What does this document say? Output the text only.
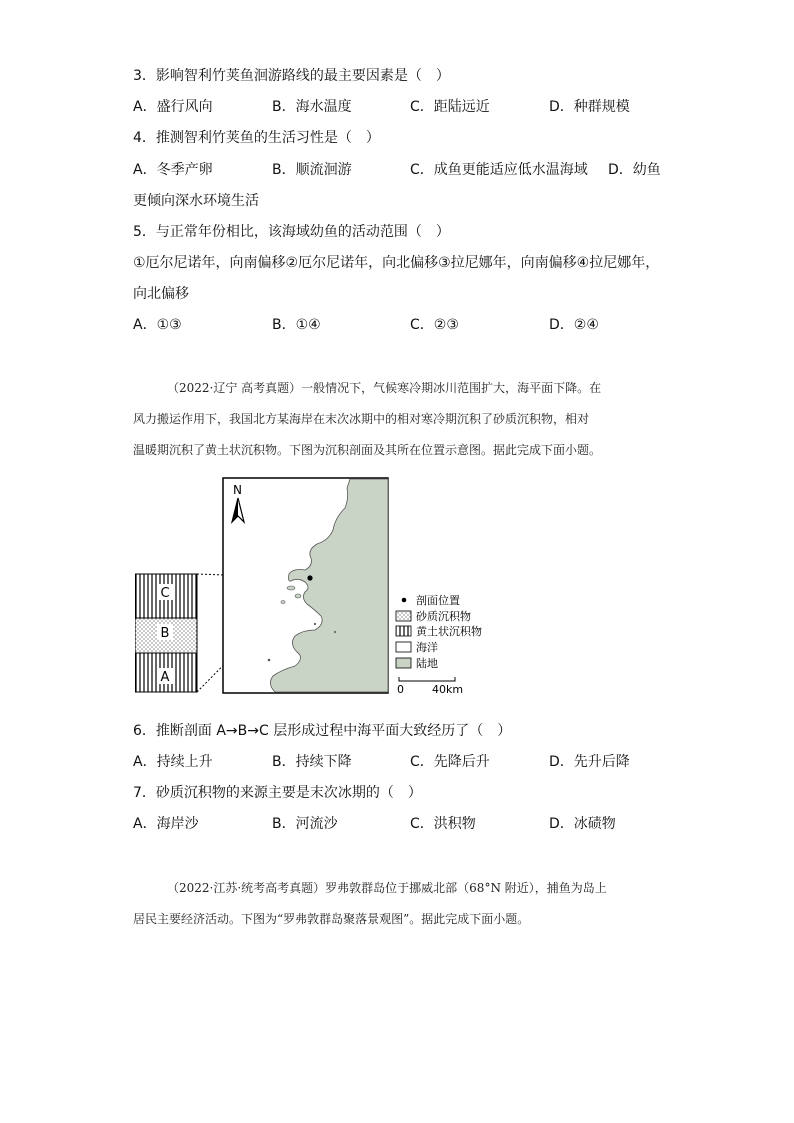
3．影响智利竹荚鱼洄游路线的最主要因素是（　）
A．盛行风向	B．海水温度	C．距陆远近	D．种群规模
4．推测智利竹荚鱼的生活习性是（　）
A．冬季产卵	B．顺流洄游	C．成鱼更能适应低水温海域 D．幼鱼
更倾向深水环境生活
5．与正常年份相比，该海域幼鱼的活动范围（　）
①厄尔尼诺年，向南偏移②厄尔尼诺年，向北偏移③拉尼娜年，向南偏移④拉尼娜年，
向北偏移
A．①③	B．①④	C．②③	D．②④
（2022·辽宁 高考真题）一般情况下，气候寒冷期冰川范围扩大，海平面下降。在
风力搬运作用下，我国北方某海岸在末次冰期中的相对寒冷期沉积了砂质沉积物，相对
温暖期沉积了黄土状沉积物。下图为沉积剖面及其所在位置示意图。据此完成下面小题。
C
B
A
N
剖面位置
砂质沉积物
黄土状沉积物
海洋
陆地
0	40km
6．推断剖面 A→B→C 层形成过程中海平面大致经历了（　）
A．持续上升	B．持续下降	C．先降后升	D．先升后降
7．砂质沉积物的来源主要是末次冰期的（　）
A．海岸沙	B．河流沙	C．洪积物	D．冰碛物
（2022·江苏·统考高考真题）罗弗敦群岛位于挪威北部（68°N 附近），捕鱼为岛上
居民主要经济活动。下图为“罗弗敦群岛聚落景观图”。据此完成下面小题。
